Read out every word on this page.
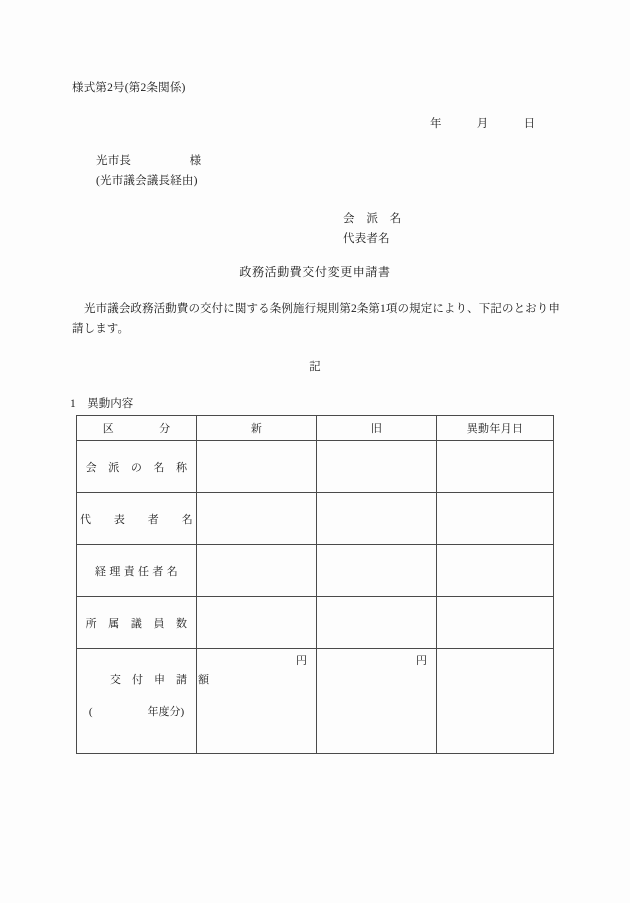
様式第2号(第2条関係)
年　　　月　　　日
光市長　　　　　様
(光市議会議長経由)
会　派　名
代表者名
政務活動費交付変更申請書
光市議会政務活動費の交付に関する条例施行規則第2条第1項の規定により、下記のとおり申請します。
記
1　異動内容
区　　　　分	新	旧	異動年月日
会　派　の　名　称			
代　　表　　者　　名			
経 理 責 任 者 名			
所　属　議　員　数			

交　付　申　請　額

(　　　　　年度分)	円	円	
